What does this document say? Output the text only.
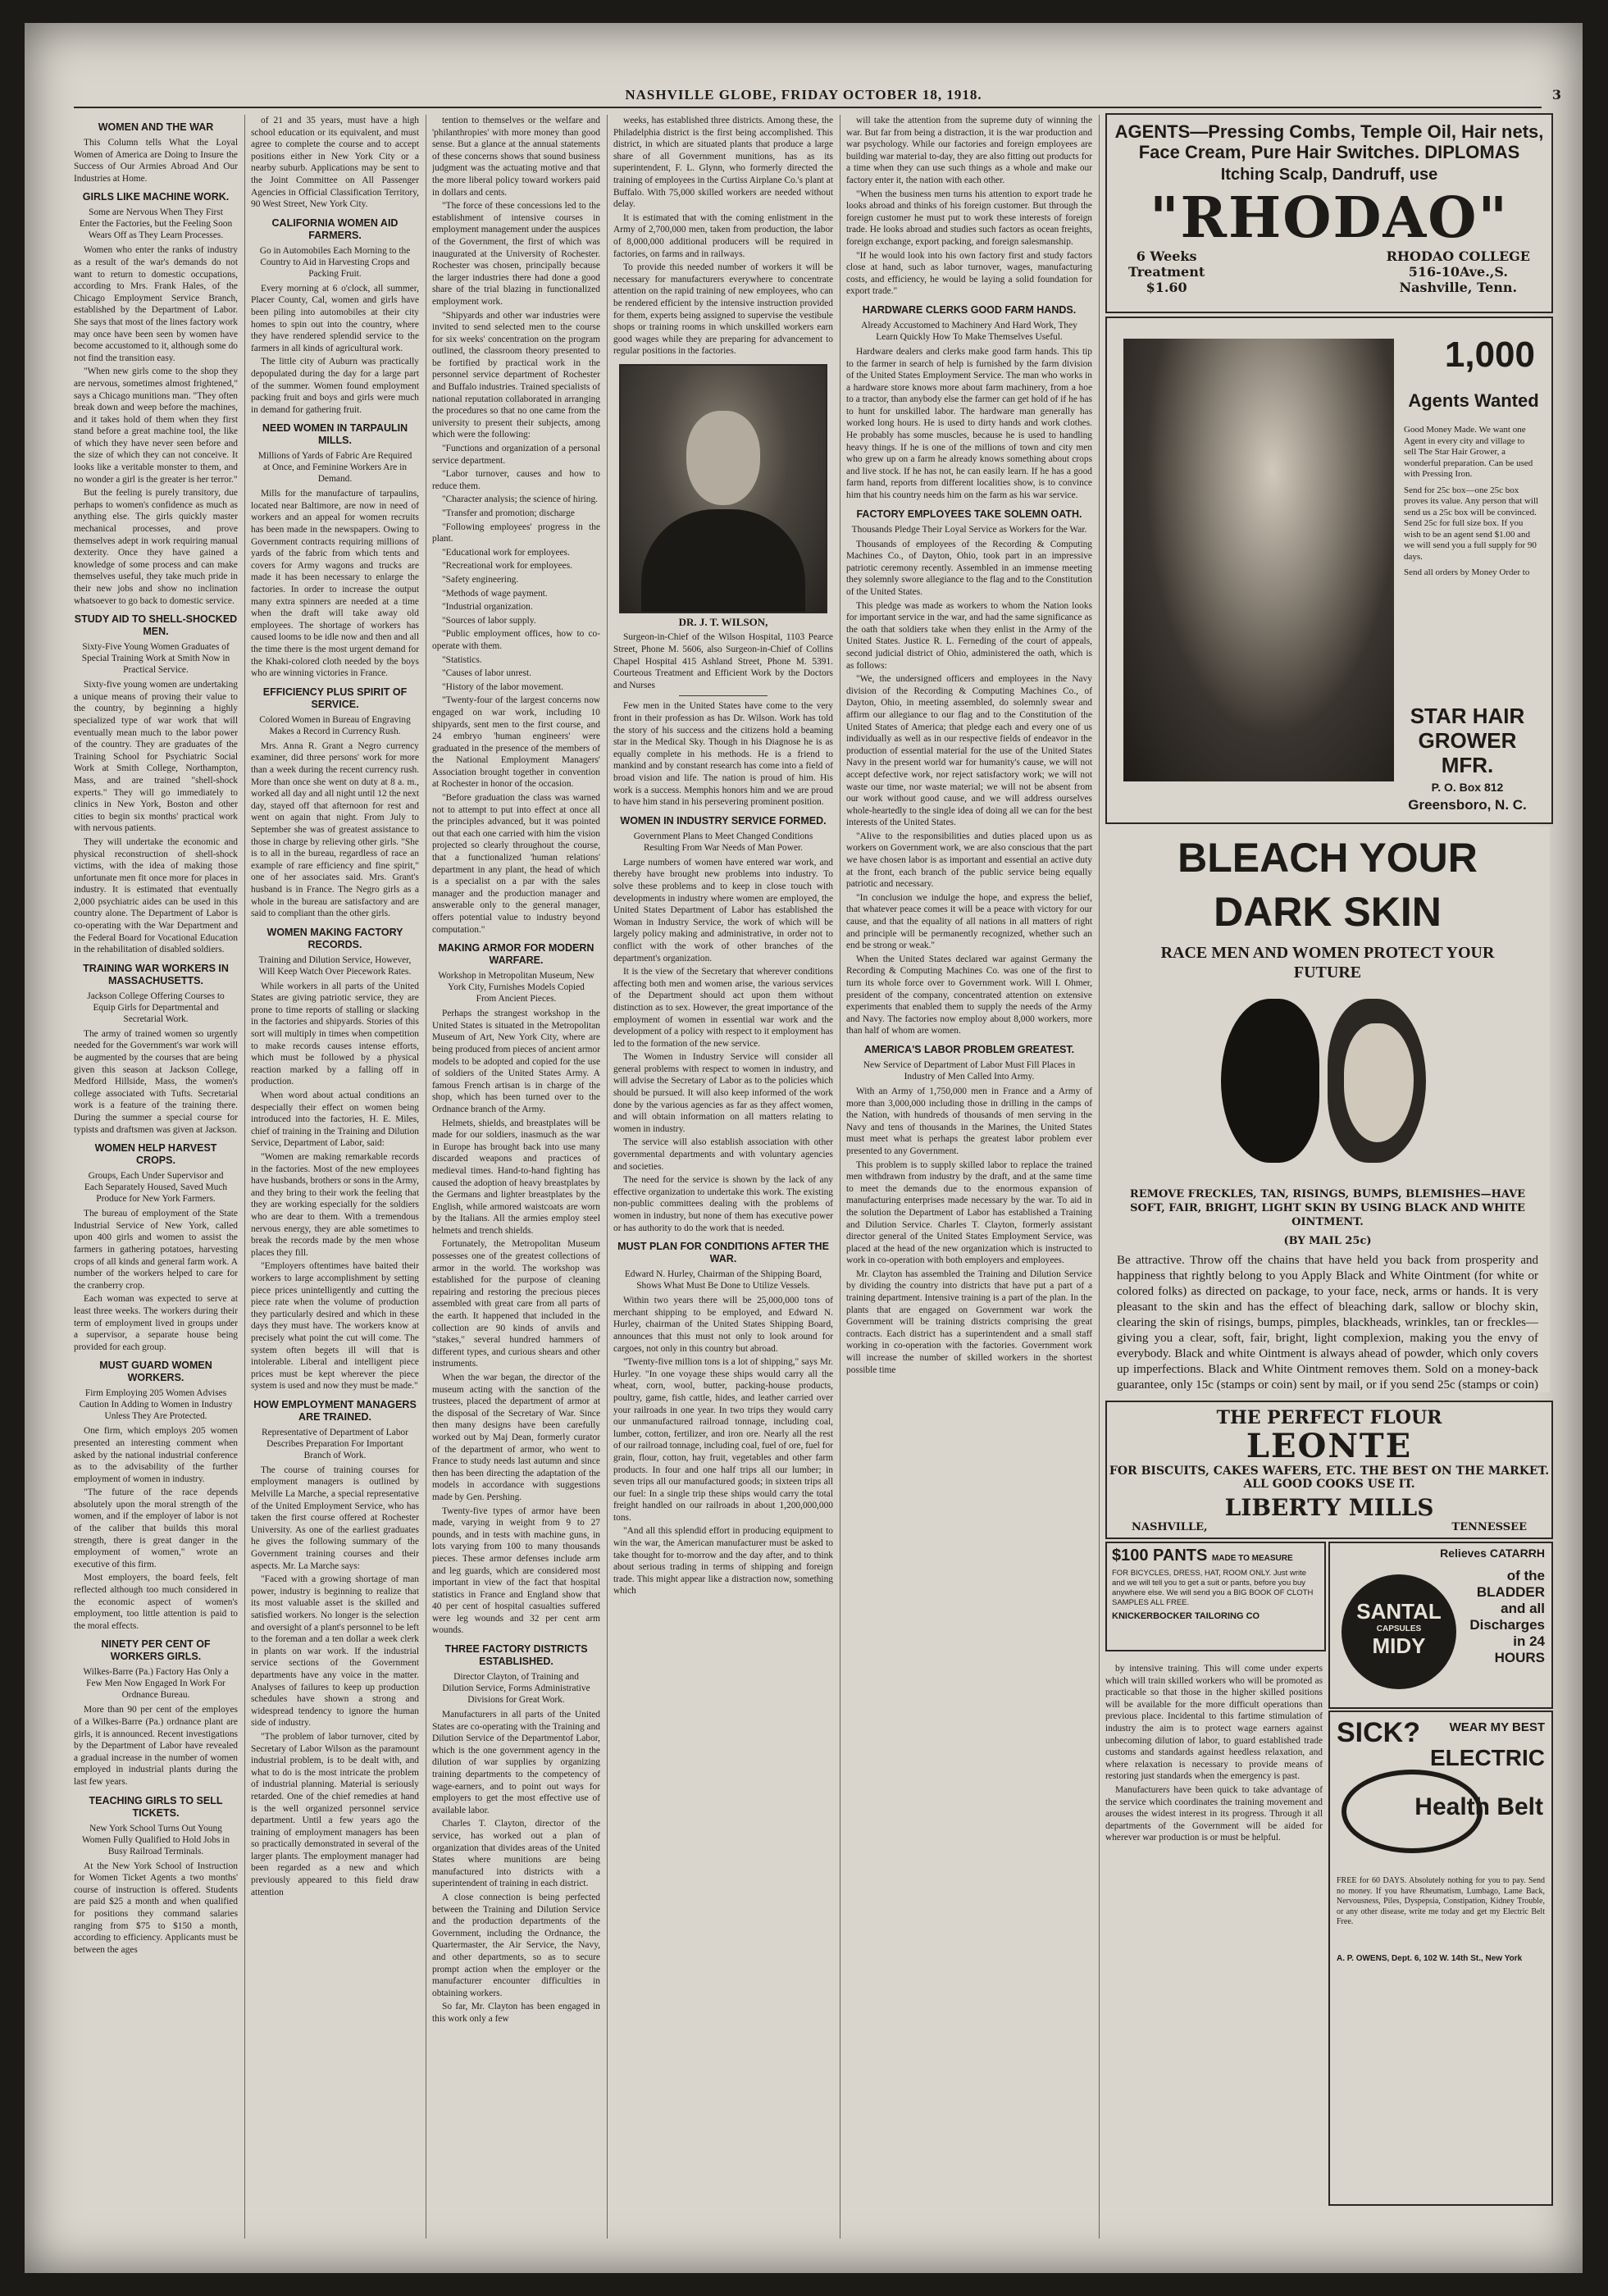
NASHVILLE GLOBE, FRIDAY OCTOBER 18, 1918.	3
WOMEN AND THE WAR

This Column tells What the Loyal Women of America are Doing to Insure the Success of Our Armies Abroad And Our Industries at Home.

GIRLS LIKE MACHINE WORK.
Some are Nervous When They First Enter the Factories, but the Feeling Soon Wears Off as They Learn Processes.

Women who enter the ranks of industry as a result of the war's demands do not want to return to domestic occupations, according to Mrs. Frank Hales, of the Chicago Employment Service Branch, established by the Department of Labor. She says that most of the lines factory work may once have been seen by women have become accustomed to it, although some do not find the transition easy.

"When new girls come to the shop they are nervous, sometimes almost frightened," says a Chicago munitions man. "They often break down and weep before the machines, and it takes hold of them when they first stand before a great machine tool, the like of which they have never seen before and the size of which they can not conceive. It looks like a veritable monster to them, and no wonder a girl is the greater is her terror."

But the feeling is purely transitory, due perhaps to women's confidence as much as anything else. The girls quickly master mechanical processes, and prove themselves adept in work requiring manual dexterity. Once they have gained a knowledge of some process and can make themselves useful, they take much pride in their new jobs and show no inclination whatsoever to go back to domestic service.

STUDY AID TO SHELL-SHOCKED MEN.
Sixty-Five Young Women Graduates of Special Training Work at Smith Now in Practical Service.

Sixty-five young women are undertaking a unique means of proving their value to the country, by beginning a highly specialized type of war work that will eventually mean much to the labor power of the country. They are graduates of the Training School for Psychiatric Social Work at Smith College, Northampton, Mass, and are trained "shell-shock experts." They will go immediately to clinics in New York, Boston and other cities to begin six months' practical work with nervous patients.

They will undertake the economic and physical reconstruction of shell-shock victims, with the idea of making those unfortunate men fit once more for places in industry. It is estimated that eventually 2,000 psychiatric aides can be used in this country alone. The Department of Labor is co-operating with the War Department and the Federal Board for Vocational Education in the rehabilitation of disabled soldiers.

TRAINING WAR WORKERS IN MASSACHUSETTS.
Jackson College Offering Courses to Equip Girls for Departmental and Secretarial Work.

The army of trained women so urgently needed for the Government's war work will be augmented by the courses that are being given this season at Jackson College, Medford Hillside, Mass, the women's college associated with Tufts. Secretarial work is a feature of the training there. During the summer a special course for typists and draftsmen was given at Jackson.

WOMEN HELP HARVEST CROPS.
Groups, Each Under Supervisor and Each Separately Housed, Saved Much Produce for New York Farmers.

The bureau of employment of the State Industrial Service of New York, called upon 400 girls and women to assist the farmers in gathering potatoes, harvesting crops of all kinds and general farm work. A number of the workers helped to care for the cranberry crop.

Each woman was expected to serve at least three weeks. The workers during their term of employment lived in groups under a supervisor, a separate house being provided for each group.

MUST GUARD WOMEN WORKERS.
Firm Employing 205 Women Advises Caution In Adding to Women in Industry Unless They Are Protected.

One firm, which employs 205 women presented an interesting comment when asked by the national industrial conference as to the advisability of the further employment of women in industry.

"The future of the race depends absolutely upon the moral strength of the women, and if the employer of labor is not of the caliber that builds this moral strength, there is great danger in the employment of women," wrote an executive of this firm.

Most employers, the board feels, felt reflected although too much considered in the economic aspect of women's employment, too little attention is paid to the moral effects.

NINETY PER CENT OF WORKERS GIRLS.
Wilkes-Barre (Pa.) Factory Has Only a Few Men Now Engaged In Work For Ordnance Bureau.

More than 90 per cent of the employes of a Wilkes-Barre (Pa.) ordnance plant are girls, it is announced. Recent investigations by the Department of Labor have revealed a gradual increase in the number of women employed in industrial plants during the last few years.

TEACHING GIRLS TO SELL TICKETS.
New York School Turns Out Young Women Fully Qualified to Hold Jobs in Busy Railroad Terminals.

At the New York School of Instruction for Women Ticket Agents a two months' course of instruction is offered. Students are paid $25 a month and when qualified for positions they command salaries ranging from $75 to $150 a month, according to efficiency. Applicants must be between the ages

of 21 and 35 years, must have a high school education or its equivalent, and must agree to complete the course and to accept positions either in New York City or a nearby suburb. Applications may be sent to the Joint Committee on All Passenger Agencies in Official Classification Territory, 90 West Street, New York City.

CALIFORNIA WOMEN AID FARMERS.
Go in Automobiles Each Morning to the Country to Aid in Harvesting Crops and Packing Fruit.

Every morning at 6 o'clock, all summer, Placer County, Cal, women and girls have been piling into automobiles at their city homes to spin out into the country, where they have rendered splendid service to the farmers in all kinds of agricultural work.

The little city of Auburn was practically depopulated during the day for a large part of the summer. Women found employment packing fruit and boys and girls were much in demand for gathering fruit.

NEED WOMEN IN TARPAULIN MILLS.
Millions of Yards of Fabric Are Required at Once, and Feminine Workers Are in Demand.

Mills for the manufacture of tarpaulins, located near Baltimore, are now in need of workers and an appeal for women recruits has been made in the newspapers. Owing to Government contracts requiring millions of yards of the fabric from which tents and covers for Army wagons and trucks are made it has been necessary to enlarge the factories. In order to increase the output many extra spinners are needed at a time when the draft will take away old employees. The shortage of workers has caused looms to be idle now and then and all the time there is the most urgent demand for the Khaki-colored cloth needed by the boys who are winning victories in France.

EFFICIENCY PLUS SPIRIT OF SERVICE.
Colored Women in Bureau of Engraving Makes a Record in Currency Rush.

Mrs. Anna R. Grant a Negro currency examiner, did three persons' work for more than a week during the recent currency rush. More than once she went on duty at 8 a. m., worked all day and all night until 12 the next day, stayed off that afternoon for rest and went on again that night. From July to September she was of greatest assistance to those in charge by relieving other girls. "She is to all in the bureau, regardless of race an example of rare efficiency and fine spirit," one of her associates said. Mrs. Grant's husband is in France. The Negro girls as a whole in the bureau are satisfactory and are said to compliant than the other girls.

WOMEN MAKING FACTORY RECORDS.
Training and Dilution Service, However, Will Keep Watch Over Piecework Rates.

While workers in all parts of the United States are giving patriotic service, they are prone to time reports of stalling or slacking in the factories and shipyards. Stories of this sort will multiply in times when competition to make records causes intense efforts, which must be followed by a physical reaction marked by a falling off in production.

When word about actual conditions an despecially their effect on women being introduced into the factories, H. E. Miles, chief of training in the Training and Dilution Service, Department of Labor, said:

"Women are making remarkable records in the factories. Most of the new employees have husbands, brothers or sons in the Army, and they bring to their work the feeling that they are working especially for the soldiers who are dear to them. With a tremendous nervous energy, they are able sometimes to break the records made by the men whose places they fill.

"Employers oftentimes have baited their workers to large accomplishment by setting piece prices unintelligently and cutting the piece rate when the volume of production they particularly desired and which in these days they must have. The workers know at precisely what point the cut will come. The system often begets ill will that is intolerable. Liberal and intelligent piece prices must be kept wherever the piece system is used and now they must be made."

HOW EMPLOYMENT MANAGERS ARE TRAINED.
Representative of Department of Labor Describes Preparation For Important Branch of Work.

The course of training courses for employment managers is outlined by Melville La Marche, a special representative of the United Employment Service, who has taken the first course offered at Rochester University. As one of the earliest graduates he gives the following summary of the Government training courses and their aspects. Mr. La Marche says:

"Faced with a growing shortage of man power, industry is beginning to realize that its most valuable asset is the skilled and satisfied workers. No longer is the selection and oversight of a plant's personnel to be left to the foreman and a ten dollar a week clerk in plants on war work. If the industrial service sections of the Government departments have any voice in the matter. Analyses of failures to keep up production schedules have shown a strong and widespread tendency to ignore the human side of industry.

"The problem of labor turnover, cited by Secretary of Labor Wilson as the paramount industrial problem, is to be dealt with, and what to do is the most intricate the problem of industrial planning. Material is seriously retarded. One of the chief remedies at hand is the well organized personnel service department. Until a few years ago the training of employment managers has been so practically demonstrated in several of the larger plants. The employment manager had been regarded as a new and which previously appeared to this field draw attention

tention to themselves or the welfare and 'philanthropies' with more money than good sense. But a glance at the annual statements of these concerns shows that sound business judgment was the actuating motive and that the more liberal policy toward workers paid in dollars and cents.

"The force of these concessions led to the establishment of intensive courses in employment management under the auspices of the Government, the first of which was inaugurated at the University of Rochester. Rochester was chosen, principally because the larger industries there had done a good share of the trial blazing in functionalized employment work.

"Shipyards and other war industries were invited to send selected men to the course for six weeks' concentration on the program outlined, the classroom theory presented to be fortified by practical work in the personnel service department of Rochester and Buffalo industries. Trained specialists of national reputation collaborated in arranging the procedures so that no one came from the university to present their subjects, among which were the following:

"Functions and organization of a personal service department.

"Labor turnover, causes and how to reduce them.

"Character analysis; the science of hiring.

"Transfer and promotion; discharge

"Following employees' progress in the plant.

"Educational work for employees.

"Recreational work for employees.

"Safety engineering.

"Methods of wage payment.

"Industrial organization.

"Sources of labor supply.

"Public employment offices, how to co-operate with them.

"Statistics.

"Causes of labor unrest.

"History of the labor movement.

"Twenty-four of the largest concerns now engaged on war work, including 10 shipyards, sent men to the first course, and 24 embryo 'human engineers' were graduated in the presence of the members of the National Employment Managers' Association brought together in convention at Rochester in honor of the occasion.

"Before graduation the class was warned not to attempt to put into effect at once all the principles advanced, but it was pointed out that each one carried with him the vision projected so clearly throughout the course, that a functionalized 'human relations' department in any plant, the head of which is a specialist on a par with the sales manager and the production manager and answerable only to the general manager, offers potential value to industry beyond computation."

MAKING ARMOR FOR MODERN WARFARE.
Workshop in Metropolitan Museum, New York City, Furnishes Models Copied From Ancient Pieces.

Perhaps the strangest workshop in the United States is situated in the Metropolitan Museum of Art, New York City, where are being produced from pieces of ancient armor models to be adopted and copied for the use of soldiers of the United States Army. A famous French artisan is in charge of the shop, which has been turned over to the Ordnance branch of the Army.

Helmets, shields, and breastplates will be made for our soldiers, inasmuch as the war in Europe has brought back into use many discarded weapons and practices of medieval times. Hand-to-hand fighting has caused the adoption of heavy breastplates by the Germans and lighter breastplates by the English, while armored waistcoats are worn by the Italians. All the armies employ steel helmets and trench shields.

Fortunately, the Metropolitan Museum possesses one of the greatest collections of armor in the world. The workshop was established for the purpose of cleaning repairing and restoring the precious pieces assembled with great care from all parts of the earth. It happened that included in the collection are 90 kinds of anvils and "stakes," several hundred hammers of different types, and curious shears and other instruments.

When the war began, the director of the museum acting with the sanction of the trustees, placed the department of armor at the disposal of the Secretary of War. Since then many designs have been carefully worked out by Maj Dean, formerly curator of the department of armor, who went to France to study needs last autumn and since then has been directing the adaptation of the models in accordance with suggestions made by Gen. Pershing.

Twenty-five types of armor have been made, varying in weight from 9 to 27 pounds, and in tests with machine guns, in lots varying from 100 to many thousands pieces. These armor defenses include arm and leg guards, which are considered most important in view of the fact that hospital statistics in France and England show that 40 per cent of hospital casualties suffered were leg wounds and 32 per cent arm wounds.

THREE FACTORY DISTRICTS ESTABLISHED.
Director Clayton, of Training and Dilution Service, Forms Administrative Divisions for Great Work.

Manufacturers in all parts of the United States are co-operating with the Training and Dilution Service of the Departmentof Labor, which is the one government agency in the dilution of war supplies by organizing training departments to the competency of wage-earners, and to point out ways for employers to get the most effective use of available labor.

Charles T. Clayton, director of the service, has worked out a plan of organization that divides areas of the United States where munitions are being manufactured into districts with a superintendent of training in each district.

A close connection is being perfected between the Training and Dilution Service and the production departments of the Government, including the Ordnance, the Quartermaster, the Air Service, the Navy, and other departments, so as to secure prompt action when the employer or the manufacturer encounter difficulties in obtaining workers.

So far, Mr. Clayton has been engaged in this work only a few

weeks, has established three districts. Among these, the Philadelphia district is the first being accomplished. This district, in which are situated plants that produce a large share of all Government munitions, has as its superintendent, F. L. Glynn, who formerly directed the training of employees in the Curtiss Airplane Co.'s plant at Buffalo. With 75,000 skilled workers are needed without delay.

It is estimated that with the coming enlistment in the Army of 2,700,000 men, taken from production, the labor of 8,000,000 additional producers will be required in factories, on farms and in railways.

To provide this needed number of workers it will be necessary for manufacturers everywhere to concentrate attention on the rapid training of new employees, who can be rendered efficient by the intensive instruction provided for them, experts being assigned to supervise the vestibule shops or training rooms in which unskilled workers earn good wages while they are preparing for advancement to regular positions in the factories.

DR. J. T. WILSON,

Surgeon-in-Chief of the Wilson Hospital, 1103 Pearce Street, Phone M. 5606, also Surgeon-in-Chief of Collins Chapel Hospital 415 Ashland Street, Phone M. 5391. Courteous Treatment and Efficient Work by the Doctors and Nurses

Few men in the United States have come to the very front in their profession as has Dr. Wilson. Work has told the story of his success and the citizens hold a beaming star in the Medical Sky. Though in his Diagnose he is as equally complete in his methods. He is a friend to mankind and by constant research has come into a field of broad vision and life. The nation is proud of him. His work is a success. Memphis honors him and we are proud to have him stand in his persevering prominent position.

WOMEN IN INDUSTRY SERVICE FORMED.
Government Plans to Meet Changed Conditions Resulting From War Needs of Man Power.

Large numbers of women have entered war work, and thereby have brought new problems into industry. To solve these problems and to keep in close touch with developments in industry where women are employed, the United States Department of Labor has established the Woman in Industry Service, the work of which will be largely policy making and administrative, in order not to conflict with the work of other branches of the department's organization.

It is the view of the Secretary that wherever conditions affecting both men and women arise, the various services of the Department should act upon them without distinction as to sex. However, the great importance of the employment of women in essential war work and the development of a policy with respect to it employment has led to the formation of the new service.

The Women in Industry Service will consider all general problems with respect to women in industry, and will advise the Secretary of Labor as to the policies which should be pursued. It will also keep informed of the work done by the various agencies as far as they affect women, and will obtain information on all matters relating to women in industry.

The service will also establish association with other governmental departments and with voluntary agencies and societies.

The need for the service is shown by the lack of any effective organization to undertake this work. The existing non-public committees dealing with the problems of women in industry, but none of them has executive power or has authority to do the work that is needed.

MUST PLAN FOR CONDITIONS AFTER THE WAR.
Edward N. Hurley, Chairman of the Shipping Board, Shows What Must Be Done to Utilize Vessels.

Within two years there will be 25,000,000 tons of merchant shipping to be employed, and Edward N. Hurley, chairman of the United States Shipping Board, announces that this must not only to look around for cargoes, not only in this country but abroad.

"Twenty-five million tons is a lot of shipping," says Mr. Hurley. "In one voyage these ships would carry all the wheat, corn, wool, butter, packing-house products, poultry, game, fish cattle, hides, and leather carried over your railroads in one year. In two trips they would carry our unmanufactured railroad tonnage, including coal, lumber, cotton, fertilizer, and iron ore. Nearly all the rest of our railroad tonnage, including coal, fuel of ore, fuel for grain, flour, cotton, hay fruit, vegetables and other farm products. In four and one half trips all our lumber; in seven trips all our manufactured goods; in sixteen trips all our fuel: In a single trip these ships would carry the total freight handled on our railroads in about 1,200,000,000 tons.

"And all this splendid effort in producing equipment to win the war, the American manufacturer must be asked to take thought for to-morrow and the day after, and to think about serious trading in terms of shipping and foreign trade. This might appear like a distraction now, something which

will take the attention from the supreme duty of winning the war. But far from being a distraction, it is the war production and war psychology. While our factories and foreign employees are building war material to-day, they are also fitting out products for a time when they can use such things as a whole and make our factory enter it, the nation with each other.

"When the business men turns his attention to export trade he looks abroad and thinks of his foreign customer. But through the foreign customer he must put to work these interests of foreign trade. He looks abroad and studies such factors as ocean freights, foreign exchange, export packing, and foreign salesmanship.

"If he would look into his own factory first and study factors close at hand, such as labor turnover, wages, manufacturing costs, and efficiency, he would be laying a solid foundation for export trade."

HARDWARE CLERKS GOOD FARM HANDS.
Already Accustomed to Machinery And Hard Work, They Learn Quickly How To Make Themselves Useful.

Hardware dealers and clerks make good farm hands. This tip to the farmer in search of help is furnished by the farm division of the United States Employment Service. The man who works in a hardware store knows more about farm machinery, from a hoe to a tractor, than anybody else the farmer can get hold of if he has to hunt for unskilled labor. The hardware man generally has worked long hours. He is used to dirty hands and work clothes. He probably has some muscles, because he is used to handling heavy things. If he is one of the millions of town and city men who grew up on a farm he already knows something about crops and live stock. If he has not, he can easily learn. If he has a good farm hand, reports from different localities show, is to convince him that his country needs him on the farm as his war service.

FACTORY EMPLOYEES TAKE SOLEMN OATH.
Thousands Pledge Their Loyal Service as Workers for the War.

Thousands of employees of the Recording & Computing Machines Co., of Dayton, Ohio, took part in an impressive patriotic ceremony recently. Assembled in an immense meeting they solemnly swore allegiance to the flag and to the Constitution of the United States.

This pledge was made as workers to whom the Nation looks for important service in the war, and had the same significance as the oath that soldiers take when they enlist in the Army of the United States. Justice R. L. Ferneding of the court of appeals, second judicial district of Ohio, administered the oath, which is as follows:

"We, the undersigned officers and employees in the Navy division of the Recording & Computing Machines Co., of Dayton, Ohio, in meeting assembled, do solemnly swear and affirm our allegiance to our flag and to the Constitution of the United States of America; that pledge each and every one of us individually as well as in our respective fields of endeavor in the production of essential material for the use of the United States Navy in the present world war for humanity's cause, we will not accept defective work, nor reject satisfactory work; we will not waste our time, nor waste material; we will not be absent from our work without good cause, and we will address ourselves whole-heartedly to the single idea of doing all we can for the best interests of the United States.

"Alive to the responsibilities and duties placed upon us as workers on Government work, we are also conscious that the part we have chosen labor is as important and essential an active duty at the front, each branch of the public service being equally patriotic and necessary.

"In conclusion we indulge the hope, and express the belief, that whatever peace comes it will be a peace with victory for our cause, and that the equality of all nations in all matters of right and principle will be permanently recognized, whether such an end be strong or weak."

When the United States declared war against Germany the Recording & Computing Machines Co. was one of the first to turn its whole force over to Government work. Will I. Ohmer, president of the company, concentrated attention on extensive experiments that enabled them to supply the needs of the Army and Navy. The factories now employ about 8,000 workers, more than half of whom are women.

AMERICA'S LABOR PROBLEM GREATEST.
New Service of Department of Labor Must Fill Places in Industry of Men Called Into Army.

With an Army of 1,750,000 men in France and a Army of more than 3,000,000 including those in drilling in the camps of the Nation, with hundreds of thousands of men serving in the Navy and tens of thousands in the Marines, the United States must meet what is perhaps the greatest labor problem ever presented to any Government.

This problem is to supply skilled labor to replace the trained men withdrawn from industry by the draft, and at the same time to meet the demands due to the enormous expansion of manufacturing enterprises made necessary by the war. To aid in the solution the Department of Labor has established a Training and Dilution Service. Charles T. Clayton, formerly assistant director general of the United States Employment Service, was placed at the head of the new organization which is instructed to work in co-operation with both employers and employees.

Mr. Clayton has assembled the Training and Dilution Service by dividing the country into districts that have put a part of a training department. Intensive training is a part of the plan. In the plants that are engaged on Government war work the Government will be training districts comprising the great contracts. Each district has a superintendent and a small staff working in co-operation with the factories. Government work will increase the number of skilled workers in the shortest possible time

by intensive training. This will come under experts which will train skilled workers who will be promoted as practicable so that those in the higher skilled positions will be available for the more difficult operations than previous place. Incidental to this fartime stimulation of industry the aim is to protect wage earners against unbecoming dilution of labor, to guard established trade customs and standards against heedless relaxation, and where relaxation is necessary to provide means of restoring just standards when the emergency is past.

Manufacturers have been quick to take advantage of the service which coordinates the training movement and arouses the widest interest in its progress. Through it all departments of the Government will be aided for wherever war production is or must be helpful.

AGENTS—Pressing Combs, Temple Oil, Hair nets, Face Cream, Pure Hair Switches. DIPLOMAS
Itching Scalp, Dandruff, use
"RHODAO"
6 Weeks
Treatment
$1.60
RHODAO COLLEGE
516-10Ave.,S.
Nashville, Tenn.
1,000
Agents Wanted
Good Money Made. We want one Agent in every city and village to sell The Star Hair Grower, a wonderful preparation. Can be used with Pressing Iron.
Send for 25c box—one 25c box proves its value. Any person that will send us a 25c box will be convinced. Send 25c for full size box. If you wish to be an agent send $1.00 and we will send you a full supply for 90 days.
Send all orders by Money Order to
STAR HAIR
GROWER MFR.
P. O. Box 812
Greensboro, N. C.
BLEACH YOUR
DARK SKIN
RACE MEN AND WOMEN PROTECT YOUR FUTURE
REMOVE FRECKLES, TAN, RISINGS, BUMPS, BLEMISHES—HAVE SOFT, FAIR, BRIGHT, LIGHT SKIN BY USING BLACK AND WHITE OINTMENT.
(BY MAIL 25c)
Be attractive. Throw off the chains that have held you back from prosperity and happiness that rightly belong to you Apply Black and White Ointment (for white or colored folks) as directed on package, to your face, neck, arms or hands. It is very pleasant to the skin and has the effect of bleaching dark, sallow or blochy skin, clearing the skin of risings, bumps, pimples, blackheads, wrinkles, tan or freckles—giving you a clear, soft, fair, bright, light complexion, making you the envy of everybody. Black and white Ointment is always ahead of powder, which only covers up imperfections. Black and White Ointment removes them. Sold on a money-back guarantee, only 15c (stamps or coin) sent by mail, or if you send 25c (stamps or coin)
THE PERFECT FLOUR
LEONTE
FOR BISCUITS, CAKES WAFERS, ETC. THE BEST ON THE MARKET. ALL GOOD COOKS USE IT.
LIBERTY MILLS
NASHVILLE,	TENNESSEE
$100 PANTS MADE TO MEASURE
FOR BICYCLES, DRESS, HAT, ROOM ONLY. Just write and we will tell you to get a suit or pants, before you buy anywhere else. We will send you a BIG BOOK OF CLOTH SAMPLES ALL FREE.
KNICKERBOCKER TAILORING CO
Relieves CATARRH
SANTAL
CAPSULES
MIDY
of the BLADDER and all Discharges in 24 HOURS
SICK?	WEAR MY BEST
ELECTRIC
Health Belt
FREE for 60 DAYS. Absolutely nothing for you to pay. Send no money. If you have Rheumatism, Lumbago, Lame Back, Nervousness, Piles, Dyspepsia, Constipation, Kidney Trouble, or any other disease, write me today and get my Electric Belt Free.
A. P. OWENS, Dept. 6, 102 W. 14th St., New York
